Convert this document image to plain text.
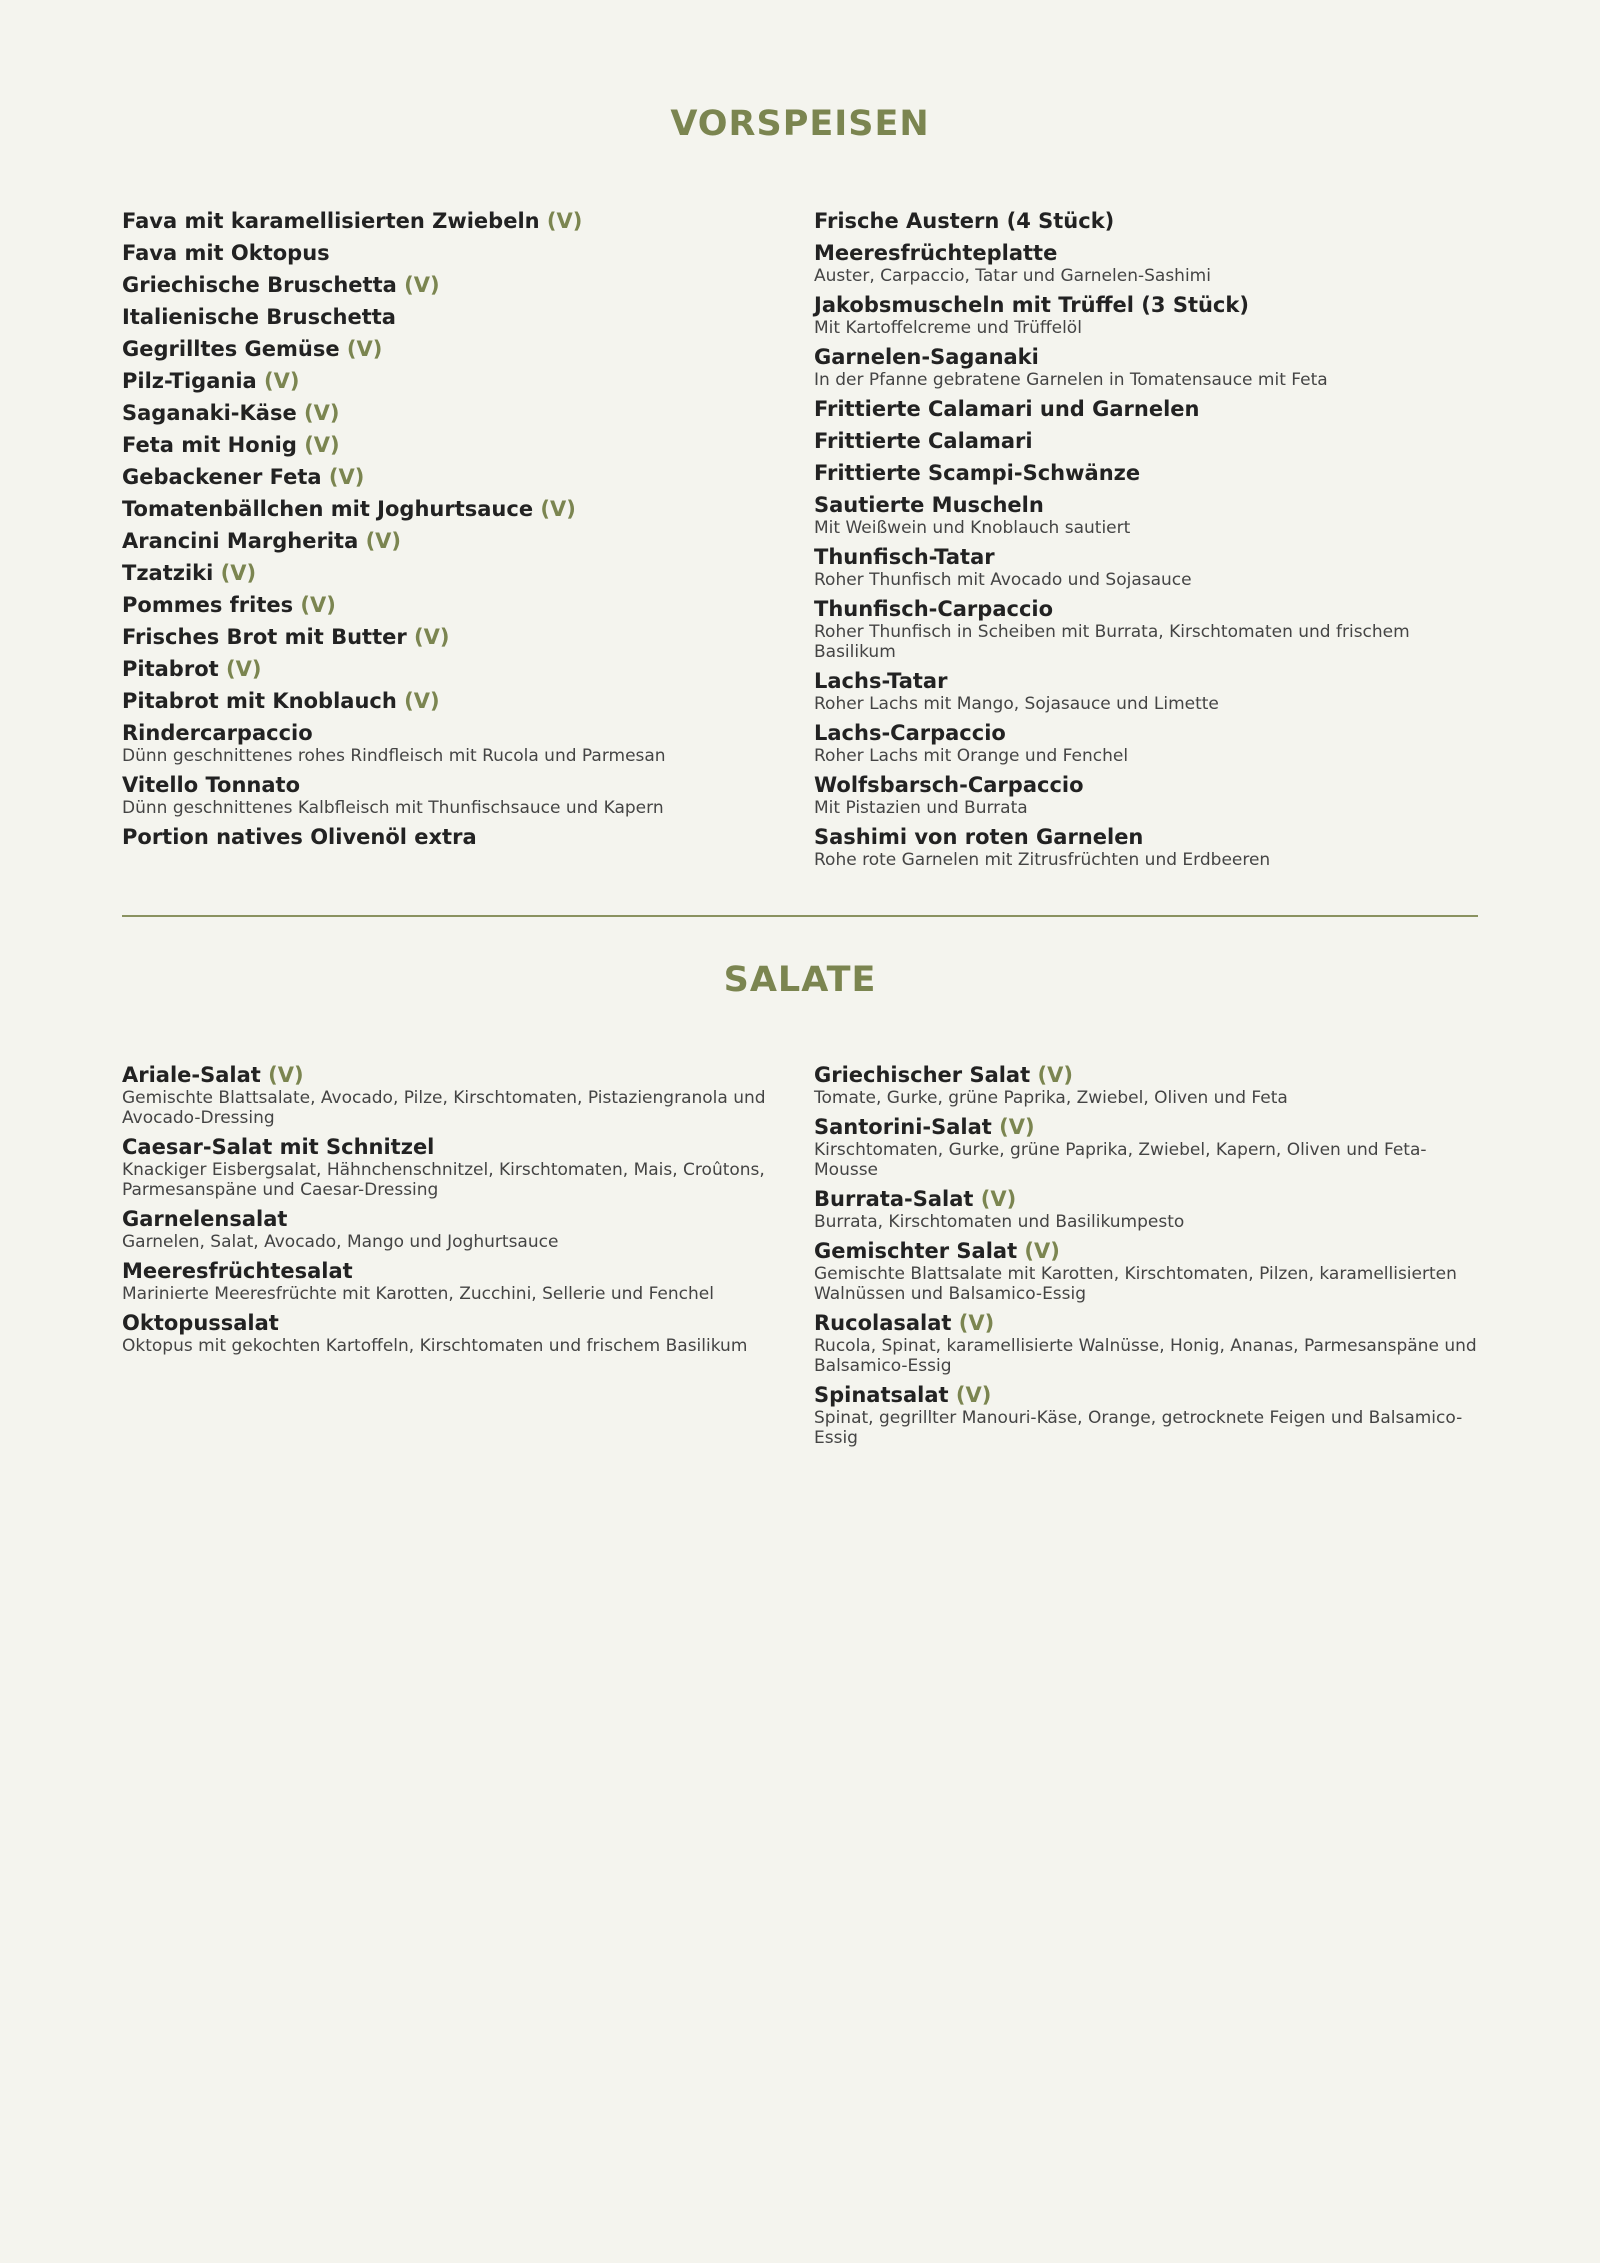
VORSPEISEN

Fava mit karamellisierten Zwiebeln (V)

Fava mit Oktopus

Griechische Bruschetta (V)

Italienische Bruschetta

Gegrilltes Gemüse (V)

Pilz-Tigania (V)

Saganaki-Käse (V)

Feta mit Honig (V)

Gebackener Feta (V)

Tomatenbällchen mit Joghurtsauce (V)

Arancini Margherita (V)

Tzatziki (V)

Pommes frites (V)

Frisches Brot mit Butter (V)

Pitabrot (V)

Pitabrot mit Knoblauch (V)

Rindercarpaccio

Dünn geschnittenes rohes Rindfleisch mit Rucola und Parmesan

Vitello Tonnato

Dünn geschnittenes Kalbfleisch mit Thunfischsauce und Kapern

Portion natives Olivenöl extra

Frische Austern (4 Stück)

Meeresfrüchteplatte

Auster, Carpaccio, Tatar und Garnelen-Sashimi

Jakobsmuscheln mit Trüffel (3 Stück)

Mit Kartoffelcreme und Trüffelöl

Garnelen-Saganaki

In der Pfanne gebratene Garnelen in Tomatensauce mit Feta

Frittierte Calamari und Garnelen

Frittierte Calamari

Frittierte Scampi-Schwänze

Sautierte Muscheln

Mit Weißwein und Knoblauch sautiert

Thunfisch-Tatar

Roher Thunfisch mit Avocado und Sojasauce

Thunfisch-Carpaccio

Roher Thunfisch in Scheiben mit Burrata, Kirschtomaten und frischem Basilikum

Lachs-Tatar

Roher Lachs mit Mango, Sojasauce und Limette

Lachs-Carpaccio

Roher Lachs mit Orange und Fenchel

Wolfsbarsch-Carpaccio

Mit Pistazien und Burrata

Sashimi von roten Garnelen

Rohe rote Garnelen mit Zitrusfrüchten und Erdbeeren

SALATE

Ariale-Salat (V)

Gemischte Blattsalate, Avocado, Pilze, Kirschtomaten, Pistaziengranola und Avocado-Dressing

Caesar-Salat mit Schnitzel

Knackiger Eisbergsalat, Hähnchenschnitzel, Kirschtomaten, Mais, Croûtons, Parmesanspäne und Caesar-Dressing

Garnelensalat

Garnelen, Salat, Avocado, Mango und Joghurtsauce

Meeresfrüchtesalat

Marinierte Meeresfrüchte mit Karotten, Zucchini, Sellerie und Fenchel

Oktopussalat

Oktopus mit gekochten Kartoffeln, Kirschtomaten und frischem Basilikum

Griechischer Salat (V)

Tomate, Gurke, grüne Paprika, Zwiebel, Oliven und Feta

Santorini-Salat (V)

Kirschtomaten, Gurke, grüne Paprika, Zwiebel, Kapern, Oliven und Feta-Mousse

Burrata-Salat (V)

Burrata, Kirschtomaten und Basilikumpesto

Gemischter Salat (V)

Gemischte Blattsalate mit Karotten, Kirschtomaten, Pilzen, karamellisierten Walnüssen und Balsamico-Essig

Rucolasalat (V)

Rucola, Spinat, karamellisierte Walnüsse, Honig, Ananas, Parmesanspäne und Balsamico-Essig

Spinatsalat (V)

Spinat, gegrillter Manouri-Käse, Orange, getrocknete Feigen und Balsamico-Essig
